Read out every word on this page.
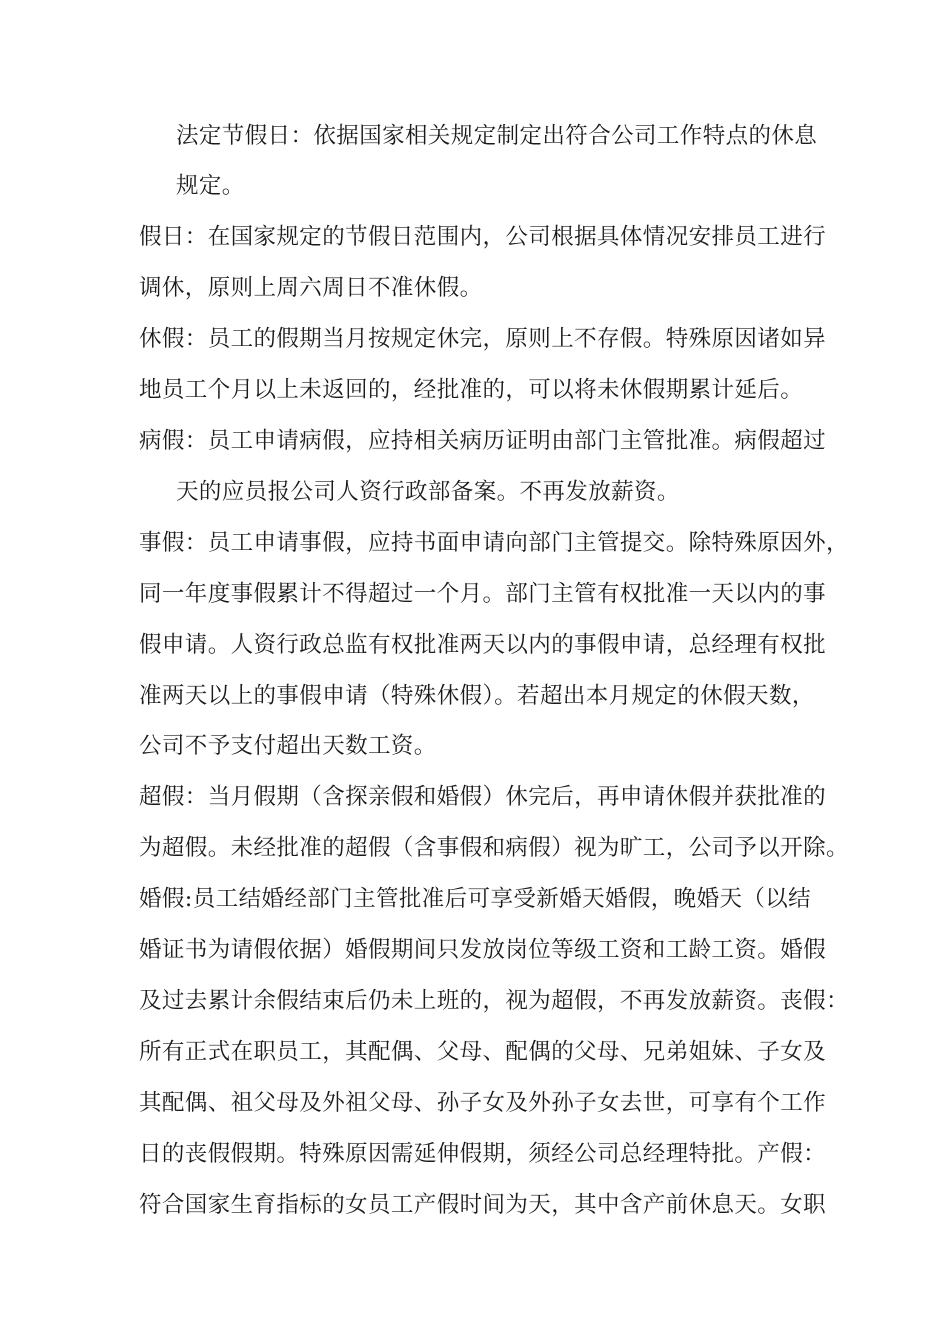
法定节假日：依据国家相关规定制定出符合公司工作特点的休息
规定。
假日：在国家规定的节假日范围内，公司根据具体情况安排员工进行
调休，原则上周六周日不准休假。
休假：员工的假期当月按规定休完，原则上不存假。特殊原因诸如异
地员工个月以上未返回的，经批准的，可以将未休假期累计延后。
病假：员工申请病假，应持相关病历证明由部门主管批准。病假超过
天的应员报公司人资行政部备案。不再发放薪资。
事假：员工申请事假，应持书面申请向部门主管提交。除特殊原因外，
同一年度事假累计不得超过一个月。部门主管有权批准一天以内的事
假申请。人资行政总监有权批准两天以内的事假申请，总经理有权批
准两天以上的事假申请（特殊休假）。若超出本月规定的休假天数，
公司不予支付超出天数工资。
超假：当月假期（含探亲假和婚假）休完后，再申请休假并获批准的
为超假。未经批准的超假（含事假和病假）视为旷工，公司予以开除。
婚假:员工结婚经部门主管批准后可享受新婚天婚假，晚婚天（以结
婚证书为请假依据）婚假期间只发放岗位等级工资和工龄工资。婚假
及过去累计余假结束后仍未上班的，视为超假，不再发放薪资。丧假：
所有正式在职员工，其配偶、父母、配偶的父母、兄弟姐妹、子女及
其配偶、祖父母及外祖父母、孙子女及外孙子女去世，可享有个工作
日的丧假假期。特殊原因需延伸假期，须经公司总经理特批。产假：
符合国家生育指标的女员工产假时间为天，其中含产前休息天。女职
